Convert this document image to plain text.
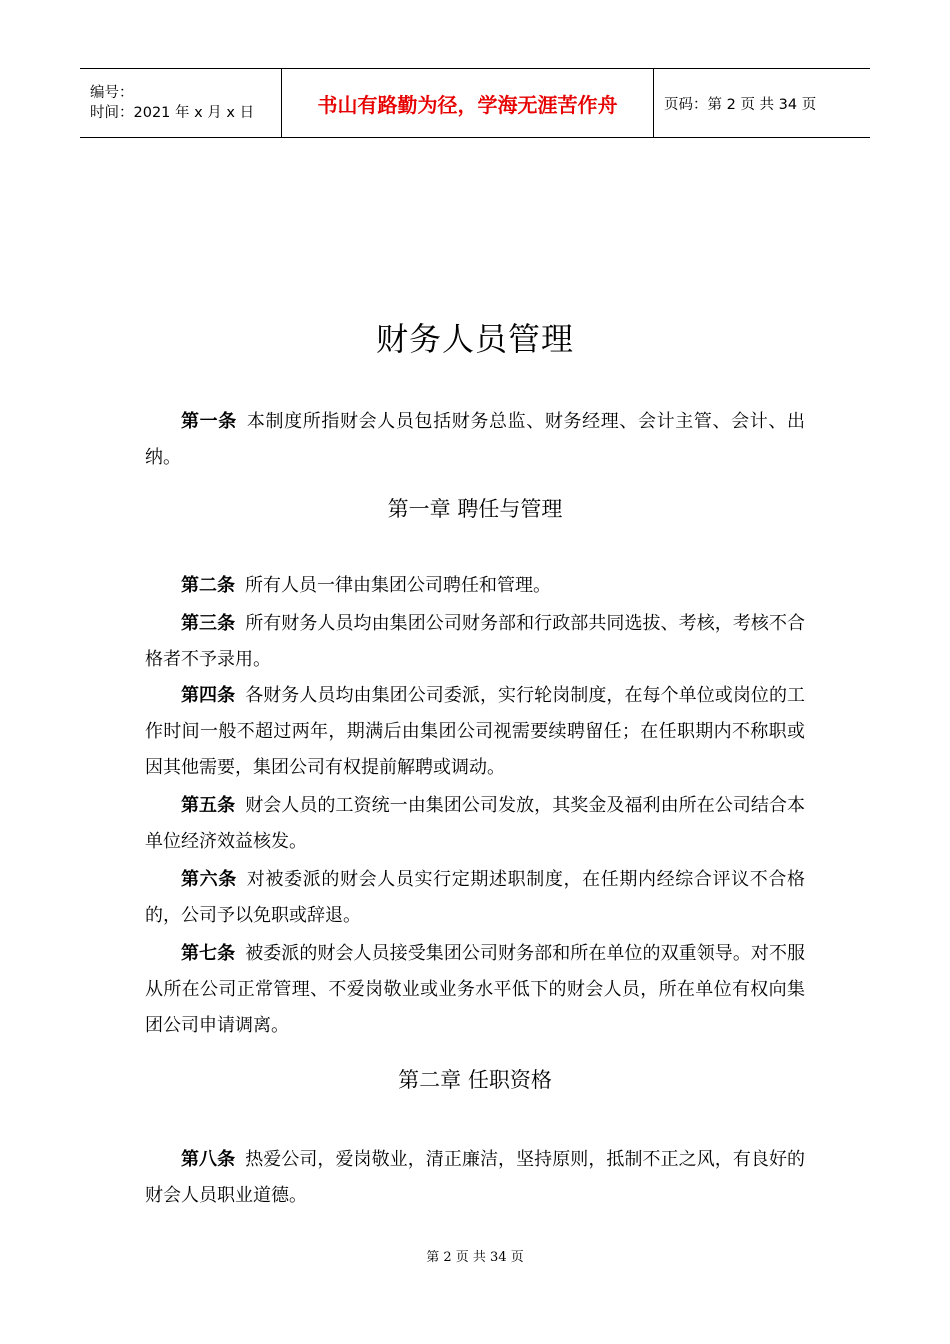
编号：
时间：2021 年 x 月 x 日	书山有路勤为径，学海无涯苦作舟	页码：第 2 页 共 34 页
财务人员管理
第一条 本制度所指财会人员包括财务总监、财务经理、会计主管、会计、出纳。
第一章 聘任与管理
第二条 所有人员一律由集团公司聘任和管理。
第三条 所有财务人员均由集团公司财务部和行政部共同选拔、考核，考核不合格者不予录用。
第四条 各财务人员均由集团公司委派，实行轮岗制度，在每个单位或岗位的工作时间一般不超过两年，期满后由集团公司视需要续聘留任；在任职期内不称职或因其他需要，集团公司有权提前解聘或调动。
第五条 财会人员的工资统一由集团公司发放，其奖金及福利由所在公司结合本单位经济效益核发。
第六条 对被委派的财会人员实行定期述职制度，在任期内经综合评议不合格的，公司予以免职或辞退。
第七条 被委派的财会人员接受集团公司财务部和所在单位的双重领导。对不服从所在公司正常管理、不爱岗敬业或业务水平低下的财会人员，所在单位有权向集团公司申请调离。
第二章 任职资格
第八条 热爱公司，爱岗敬业，清正廉洁，坚持原则，抵制不正之风，有良好的财会人员职业道德。
第 2 页 共 34 页
